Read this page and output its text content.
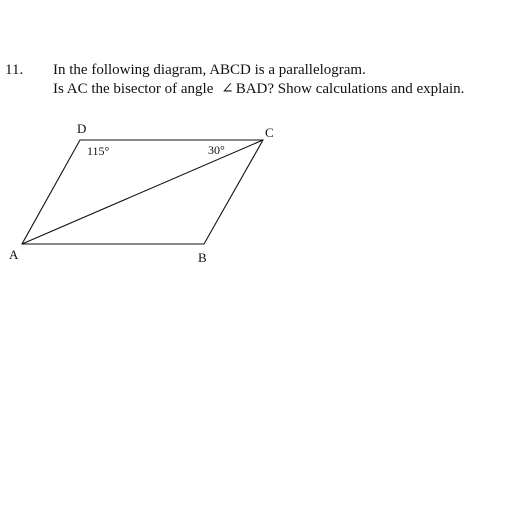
11. In the following diagram, ABCD is a parallelogram.
Is AC the bisector of angle ∠ BAD? Show calculations and explain.
A	B
C
D
115°	30°
